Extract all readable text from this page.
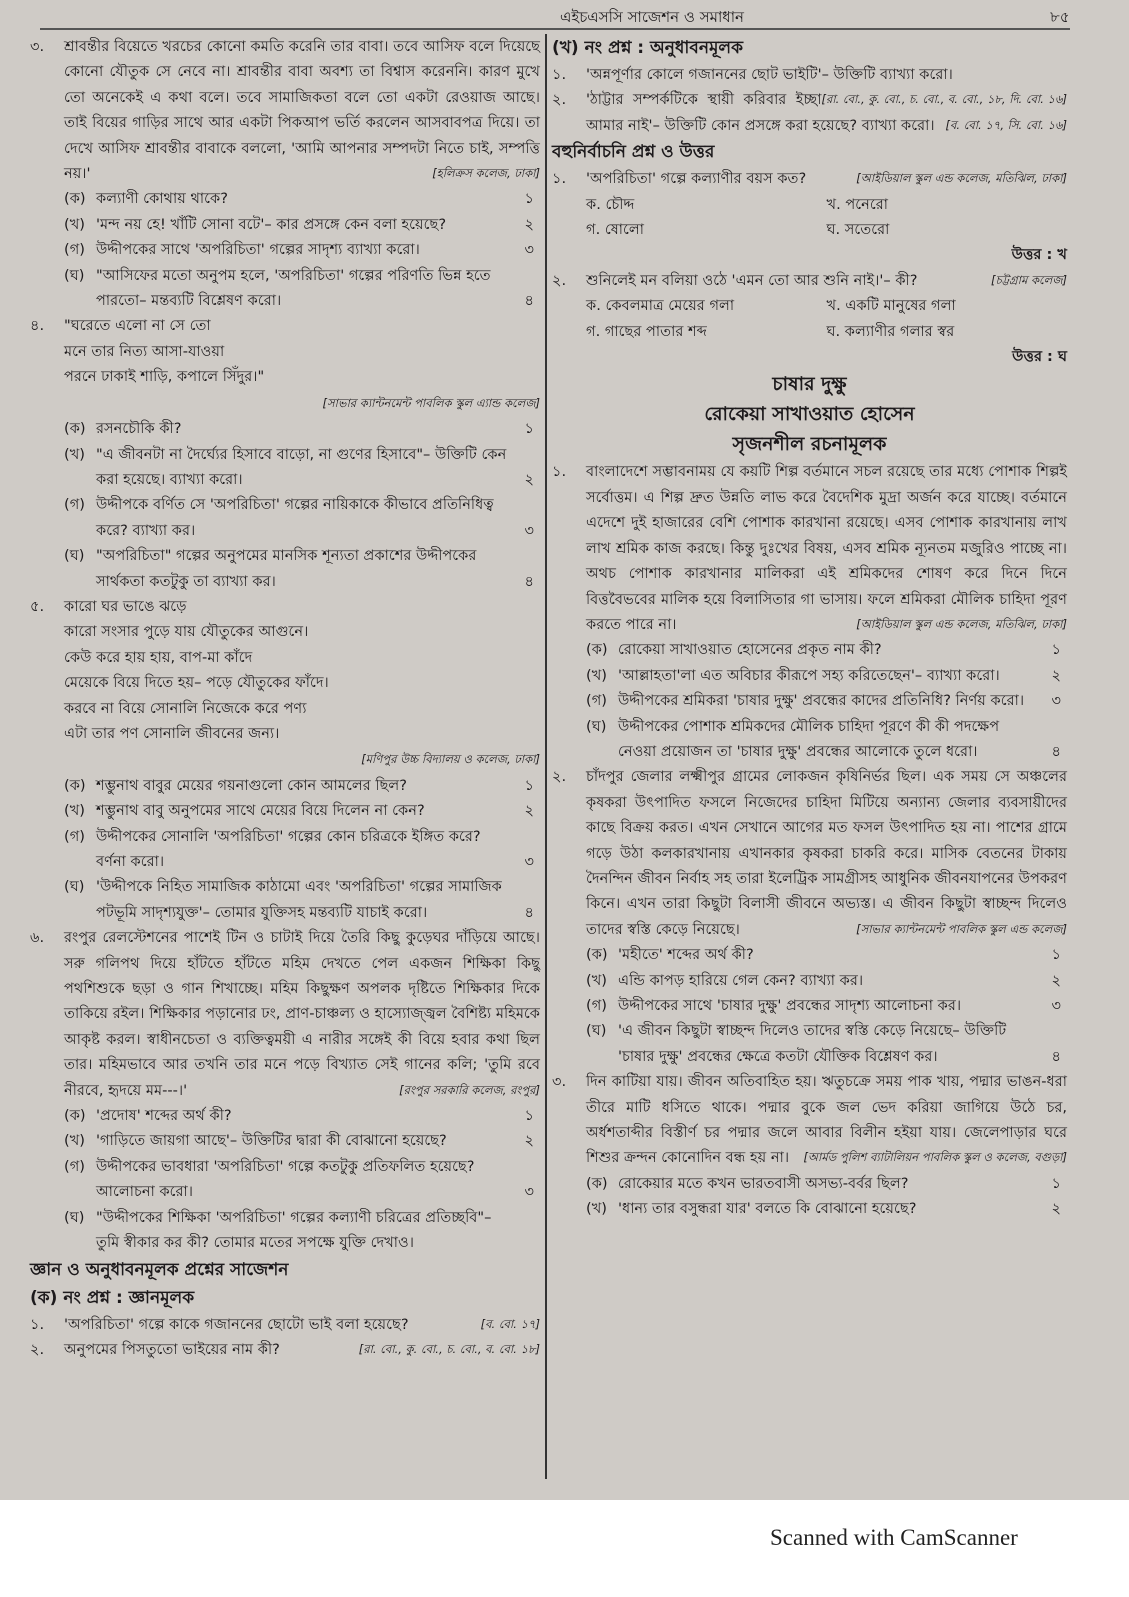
এইচএসসি সাজেশন ও সমাধান	৮৫
৩. শ্রাবন্তীর বিয়েতে খরচের কোনো কমতি করেনি তার বাবা। তবে আসিফ বলে দিয়েছে কোনো যৌতুক সে নেবে না। শ্রাবন্তীর বাবা অবশ্য তা বিশ্বাস করেননি। কারণ মুখে তো অনেকেই এ কথা বলে। তবে সামাজিকতা বলে তো একটা রেওয়াজ আছে। তাই বিয়ের গাড়ির সাথে আর একটা পিকআপ ভর্তি করলেন আসবাবপত্র দিয়ে। তা দেখে আসিফ শ্রাবন্তীর বাবাকে বললো, 'আমি আপনার সম্পদটা নিতে চাই, সম্পত্তি নয়।'	[হলিক্রস কলেজ, ঢাকা]
(ক) কল্যাণী কোথায় থাকে?	১
(খ) 'মন্দ নয় হে! খাঁটি সোনা বটে'– কার প্রসঙ্গে কেন বলা হয়েছে?	২
(গ) উদ্দীপকের সাথে 'অপরিচিতা' গল্পের সাদৃশ্য ব্যাখ্যা করো।	৩
(ঘ) "আসিফের মতো অনুপম হলে, 'অপরিচিতা' গল্পের পরিণতি ভিন্ন হতে পারতো– মন্তব্যটি বিশ্লেষণ করো।	৪
৪. "ঘরেতে এলো না সে তো
মনে তার নিত্য আসা-যাওয়া
পরনে ঢাকাই শাড়ি, কপালে সিঁদুর।"
[সাভার ক্যান্টনমেন্ট পাবলিক স্কুল এ্যান্ড কলেজ]
(ক) রসনচৌকি কী?	১
(খ) "এ জীবনটা না দৈর্ঘ্যের হিসাবে বাড়ো, না গুণের হিসাবে"– উক্তিটি কেন করা হয়েছে। ব্যাখ্যা করো।	২
(গ) উদ্দীপকে বর্ণিত সে 'অপরিচিতা' গল্পের নায়িকাকে কীভাবে প্রতিনিধিত্ব করে? ব্যাখ্যা কর।	৩
(ঘ) "অপরিচিতা" গল্পের অনুপমের মানসিক শূন্যতা প্রকাশের উদ্দীপকের সার্থকতা কতটুকু তা ব্যাখ্যা কর।	৪
৫. কারো ঘর ভাঙে ঝড়ে
কারো সংসার পুড়ে যায় যৌতুকের আগুনে।
কেউ করে হায় হায়, বাপ-মা কাঁদে
মেয়েকে বিয়ে দিতে হয়– পড়ে যৌতুকের ফাঁদে।
করবে না বিয়ে সোনালি নিজেকে করে পণ্য
এটা তার পণ সোনালি জীবনের জন্য।
[মণিপুর উচ্চ বিদ্যালয় ও কলেজ, ঢাকা]
(ক) শম্ভুনাথ বাবুর মেয়ের গয়নাগুলো কোন আমলের ছিল?	১
(খ) শম্ভুনাথ বাবু অনুপমের সাথে মেয়ের বিয়ে দিলেন না কেন?	২
(গ) উদ্দীপকের সোনালি 'অপরিচিতা' গল্পের কোন চরিত্রকে ইঙ্গিত করে? বর্ণনা করো।	৩
(ঘ) 'উদ্দীপকে নিহিত সামাজিক কাঠামো এবং 'অপরিচিতা' গল্পের সামাজিক পটভূমি সাদৃশ্যযুক্ত'– তোমার যুক্তিসহ মন্তব্যটি যাচাই করো।	৪
৬. রংপুর রেলস্টেশনের পাশেই টিন ও চাটাই দিয়ে তৈরি কিছু কুড়েঘর দাঁড়িয়ে আছে। সরু গলিপথ দিয়ে হাঁটতে হাঁটতে মহিম দেখতে পেল একজন শিক্ষিকা কিছু পথশিশুকে ছড়া ও গান শিখাচ্ছে। মহিম কিছুক্ষণ অপলক দৃষ্টিতে শিক্ষিকার দিকে তাকিয়ে রইল। শিক্ষিকার পড়ানোর ঢং, প্রাণ-চাঞ্চল্য ও হাস্যোজ্জ্বল বৈশিষ্ট্য মহিমকে আকৃষ্ট করল। স্বাধীনচেতা ও ব্যক্তিত্বময়ী এ নারীর সঙ্গেই কী বিয়ে হবার কথা ছিল তার। মহিমভাবে আর তখনি তার মনে পড়ে বিখ্যাত সেই গানের কলি; 'তুমি রবে নীরবে, হৃদয়ে মম---।'	[রংপুর সরকারি কলেজ, রংপুর]
(ক) 'প্রদোষ' শব্দের অর্থ কী?	১
(খ) 'গাড়িতে জায়গা আছে'– উক্তিটির দ্বারা কী বোঝানো হয়েছে?	২
(গ) উদ্দীপকের ভাবধারা 'অপরিচিতা' গল্পে কতটুকু প্রতিফলিত হয়েছে? আলোচনা করো।	৩
(ঘ) "উদ্দীপকের শিক্ষিকা 'অপরিচিতা' গল্পের কল্যাণী চরিত্রের প্রতিচ্ছবি"– তুমি স্বীকার কর কী? তোমার মতের সপক্ষে যুক্তি দেখাও।
জ্ঞান ও অনুধাবনমূলক প্রশ্নের সাজেশন
(ক) নং প্রশ্ন : জ্ঞানমূলক
১. 'অপরিচিতা' গল্পে কাকে গজাননের ছোটো ভাই বলা হয়েছে?	[ব. বো. ১৭]
২. অনুপমের পিসতুতো ভাইয়ের নাম কী?	[রা. বো., কু. বো., চ. বো., ব. বো. ১৮]
(খ) নং প্রশ্ন : অনুধাবনমূলক
১. 'অন্নপূর্ণার কোলে গজাননের ছোট ভাইটি'– উক্তিটি ব্যাখ্যা করো।
[রা. বো., কু. বো., চ. বো., ব. বো., ১৮, দি. বো. ১৬]
২. 'ঠাট্টার সম্পর্কটিকে স্থায়ী করিবার ইচ্ছা আমার নাই'– উক্তিটি কোন প্রসঙ্গে করা হয়েছে? ব্যাখ্যা করো। [ব. বো. ১৭, সি. বো. ১৬]
বহুনির্বাচনি প্রশ্ন ও উত্তর
১. 'অপরিচিতা' গল্পে কল্যাণীর বয়স কত?	[আইডিয়াল স্কুল এন্ড কলেজ, মতিঝিল, ঢাকা]
ক. চৌদ্দ	খ. পনেরো
গ. ষোলো	ঘ. সতেরো
উত্তর : খ
২. শুনিলেই মন বলিয়া ওঠে 'এমন তো আর শুনি নাই।'– কী?	[চট্টগ্রাম কলেজ]
ক. কেবলমাত্র মেয়ের গলা	খ. একটি মানুষের গলা
গ. গাছের পাতার শব্দ	ঘ. কল্যাণীর গলার স্বর
উত্তর : ঘ
চাষার দুক্ষু
রোকেয়া সাখাওয়াত হোসেন
সৃজনশীল রচনামূলক
১. বাংলাদেশে সম্ভাবনাময় যে কয়টি শিল্প বর্তমানে সচল রয়েছে তার মধ্যে পোশাক শিল্পই সর্বোত্তম। এ শিল্প দ্রুত উন্নতি লাভ করে বৈদেশিক মুদ্রা অর্জন করে যাচ্ছে। বর্তমানে এদেশে দুই হাজারের বেশি পোশাক কারখানা রয়েছে। এসব পোশাক কারখানায় লাখ লাখ শ্রমিক কাজ করছে। কিন্তু দুঃখের বিষয়, এসব শ্রমিক ন্যূনতম মজুরিও পাচ্ছে না। অথচ পোশাক কারখানার মালিকরা এই শ্রমিকদের শোষণ করে দিনে দিনে বিত্তবৈভবের মালিক হয়ে বিলাসিতার গা ভাসায়। ফলে শ্রমিকরা মৌলিক চাহিদা পূরণ করতে পারে না।	[আইডিয়াল স্কুল এন্ড কলেজ, মতিঝিল, ঢাকা]
(ক) রোকেয়া সাখাওয়াত হোসেনের প্রকৃত নাম কী?	১
(খ) 'আল্লাহতা'লা এত অবিচার কীরূপে সহ্য করিতেছেন'– ব্যাখ্যা করো।	২
(গ) উদ্দীপকের শ্রমিকরা 'চাষার দুক্ষু' প্রবন্ধের কাদের প্রতিনিধি? নির্ণয় করো।	৩
(ঘ) উদ্দীপকের পোশাক শ্রমিকদের মৌলিক চাহিদা পূরণে কী কী পদক্ষেপ নেওয়া প্রয়োজন তা 'চাষার দুক্ষু' প্রবন্ধের আলোকে তুলে ধরো।	৪
২. চাঁদপুর জেলার লক্ষ্মীপুর গ্রামের লোকজন কৃষিনির্ভর ছিল। এক সময় সে অঞ্চলের কৃষকরা উৎপাদিত ফসলে নিজেদের চাহিদা মিটিয়ে অন্যান্য জেলার ব্যবসায়ীদের কাছে বিক্রয় করত। এখন সেখানে আগের মত ফসল উৎপাদিত হয় না। পাশের গ্রামে গড়ে উঠা কলকারখানায় এখানকার কৃষকরা চাকরি করে। মাসিক বেতনের টাকায় দৈনন্দিন জীবন নির্বাহ সহ তারা ইলেট্রিক সামগ্রীসহ আধুনিক জীবনযাপনের উপকরণ কিনে। এখন তারা কিছুটা বিলাসী জীবনে অভ্যস্ত। এ জীবন কিছুটা স্বাচ্ছন্দ দিলেও তাদের স্বস্তি কেড়ে নিয়েছে।	[সাভার ক্যান্টনমেন্ট পাবলিক স্কুল এন্ড কলেজ]
(ক) 'মহীতে' শব্দের অর্থ কী?	১
(খ) এন্ডি কাপড় হারিয়ে গেল কেন? ব্যাখ্যা কর।	২
(গ) উদ্দীপকের সাথে 'চাষার দুক্ষু' প্রবন্ধের সাদৃশ্য আলোচনা কর।	৩
(ঘ) 'এ জীবন কিছুটা স্বাচ্ছন্দ দিলেও তাদের স্বস্তি কেড়ে নিয়েছে– উক্তিটি 'চাষার দুক্ষু' প্রবন্ধের ক্ষেত্রে কতটা যৌক্তিক বিশ্লেষণ কর।	৪
৩. দিন কাটিয়া যায়। জীবন অতিবাহিত হয়। ঋতুচক্রে সময় পাক খায়, পদ্মার ভাঙন-ধরা তীরে মাটি ধসিতে থাকে। পদ্মার বুকে জল ভেদ করিয়া জাগিয়ে উঠে চর, অর্ধশতাব্দীর বিস্তীর্ণ চর পদ্মার জলে আবার বিলীন হইয়া যায়। জেলেপাড়ার ঘরে শিশুর ক্রন্দন কোনোদিন বন্ধ হয় না। [আর্মড পুলিশ ব্যাটালিয়ন পাবলিক স্কুল ও কলেজ, বগুড়া]
(ক) রোকেয়ার মতে কখন ভারতবাসী অসভ্য-বর্বর ছিল?	১
(খ) 'ধান্য তার বসুন্ধরা যার' বলতে কি বোঝানো হয়েছে?	২
Scanned with CamScanner
